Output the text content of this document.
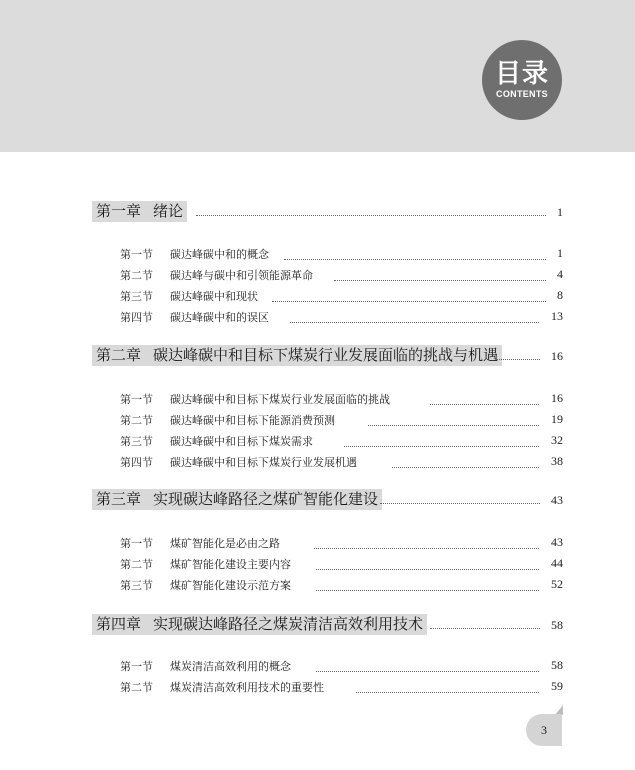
目录
CONTENTS
第一章 绪论	1
第一节 碳达峰碳中和的概念	1
第二节 碳达峰与碳中和引领能源革命	4
第三节 碳达峰碳中和现状	8
第四节 碳达峰碳中和的误区	13
第二章 碳达峰碳中和目标下煤炭行业发展面临的挑战与机遇	16
第一节 碳达峰碳中和目标下煤炭行业发展面临的挑战	16
第二节 碳达峰碳中和目标下能源消费预测	19
第三节 碳达峰碳中和目标下煤炭需求	32
第四节 碳达峰碳中和目标下煤炭行业发展机遇	38
第三章 实现碳达峰路径之煤矿智能化建设	43
第一节 煤矿智能化是必由之路	43
第二节 煤矿智能化建设主要内容	44
第三节 煤矿智能化建设示范方案	52
第四章 实现碳达峰路径之煤炭清洁高效利用技术	58
第一节 煤炭清洁高效利用的概念	58
第二节 煤炭清洁高效利用技术的重要性	59
3
